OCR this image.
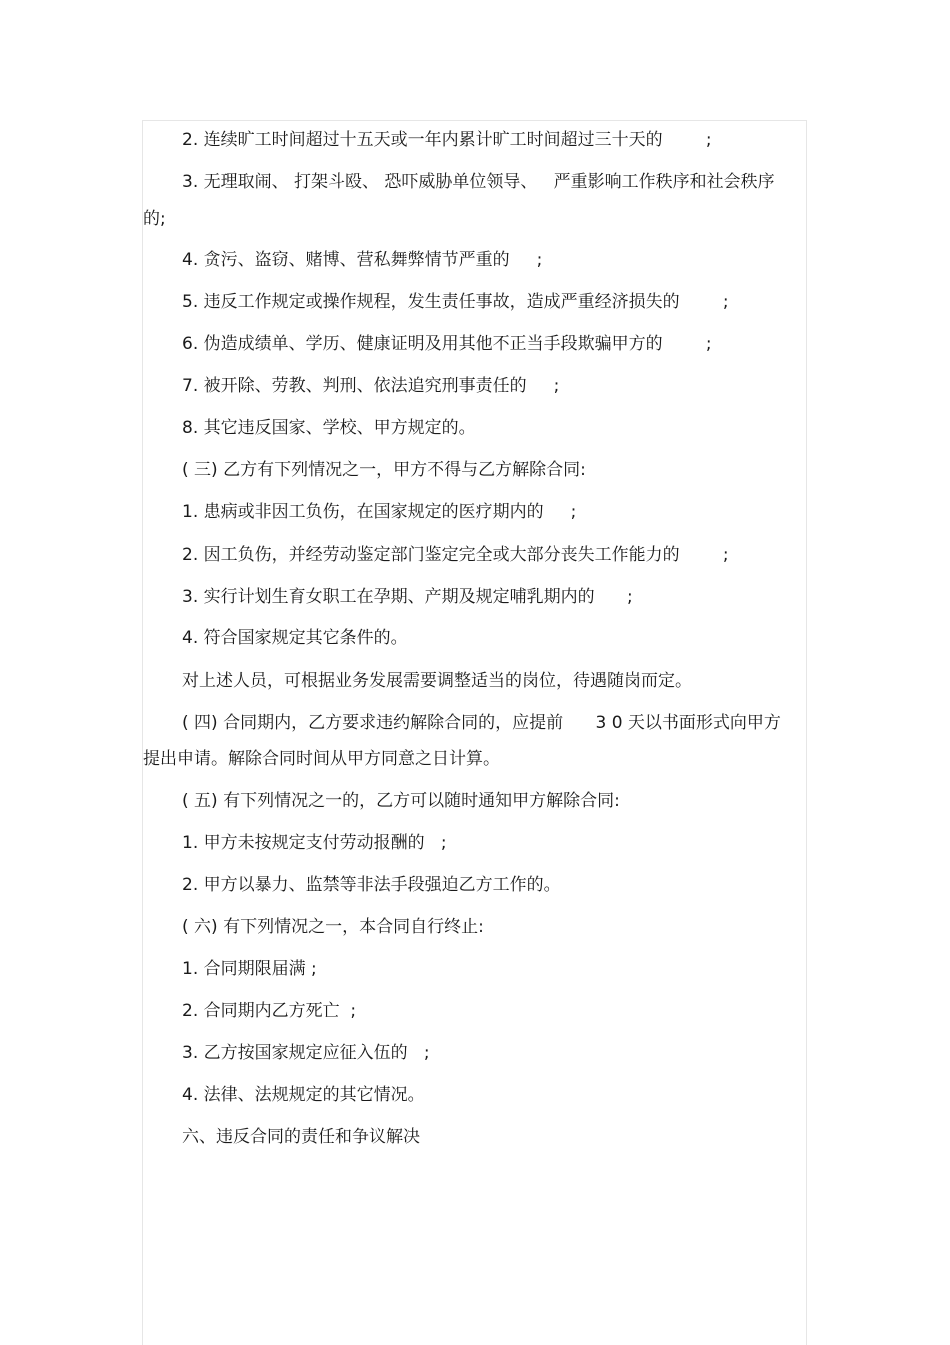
2. 连续旷工时间超过十五天或一年内累计旷工时间超过三十天的        ;
3. 无理取闹、 打架斗殴、 恐吓威胁单位领导、   严重影响工作秩序和社会秩序
的;
4. 贪污、盗窃、赌博、营私舞弊情节严重的     ;
5. 违反工作规定或操作规程，发生责任事故，造成严重经济损失的        ;
6. 伪造成绩单、学历、健康证明及用其他不正当手段欺骗甲方的        ;
7. 被开除、劳教、判刑、依法追究刑事责任的     ;
8. 其它违反国家、学校、甲方规定的。
( 三) 乙方有下列情况之一，甲方不得与乙方解除合同:
1. 患病或非因工负伤，在国家规定的医疗期内的     ;
2. 因工负伤，并经劳动鉴定部门鉴定完全或大部分丧失工作能力的        ;
3. 实行计划生育女职工在孕期、产期及规定哺乳期内的      ;
4. 符合国家规定其它条件的。
对上述人员，可根据业务发展需要调整适当的岗位，待遇随岗而定。
( 四) 合同期内，乙方要求违约解除合同的，应提前      3 0 天以书面形式向甲方
提出申请。解除合同时间从甲方同意之日计算。
( 五) 有下列情况之一的，乙方可以随时通知甲方解除合同:
1. 甲方未按规定支付劳动报酬的   ;
2. 甲方以暴力、监禁等非法手段强迫乙方工作的。
( 六) 有下列情况之一，本合同自行终止:
1. 合同期限届满 ;
2. 合同期内乙方死亡  ;
3. 乙方按国家规定应征入伍的   ;
4. 法律、法规规定的其它情况。
六、违反合同的责任和争议解决
